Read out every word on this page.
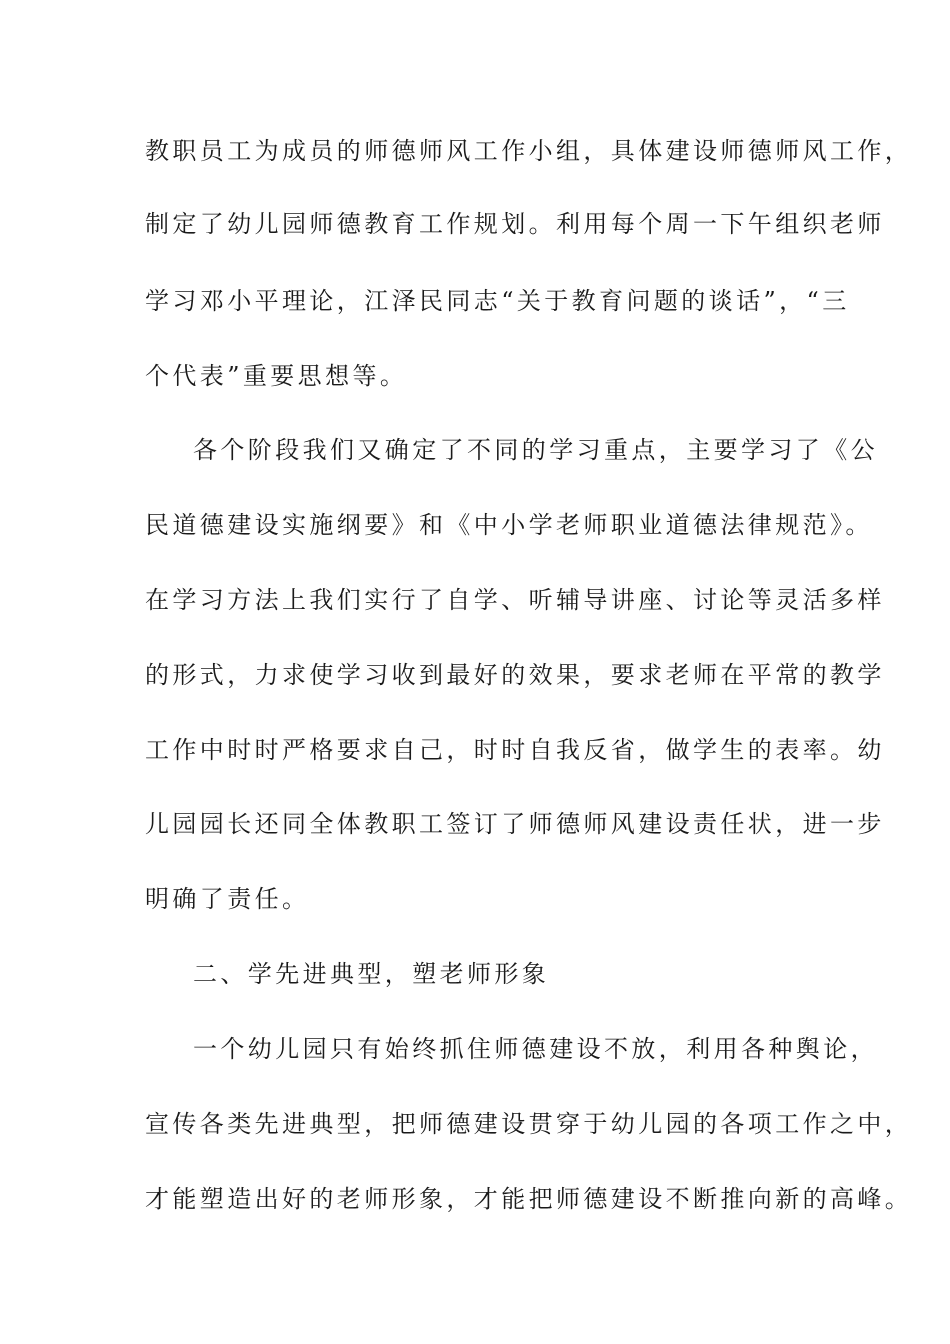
教职员工为成员的师德师风工作小组，具体建设师德师风工作，
制定了幼儿园师德教育工作规划。利用每个周一下午组织老师
学习邓小平理论，江泽民同志“关于教育问题的谈话”，“三
个代表”重要思想等。
各个阶段我们又确定了不同的学习重点，主要学习了《公
民道德建设实施纲要》和《中小学老师职业道德法律规范》。
在学习方法上我们实行了自学、听辅导讲座、讨论等灵活多样
的形式，力求使学习收到最好的效果，要求老师在平常的教学
工作中时时严格要求自己，时时自我反省，做学生的表率。幼
儿园园长还同全体教职工签订了师德师风建设责任状，进一步
明确了责任。
二、学先进典型，塑老师形象
一个幼儿园只有始终抓住师德建设不放，利用各种舆论，
宣传各类先进典型，把师德建设贯穿于幼儿园的各项工作之中，
才能塑造出好的老师形象，才能把师德建设不断推向新的高峰。
